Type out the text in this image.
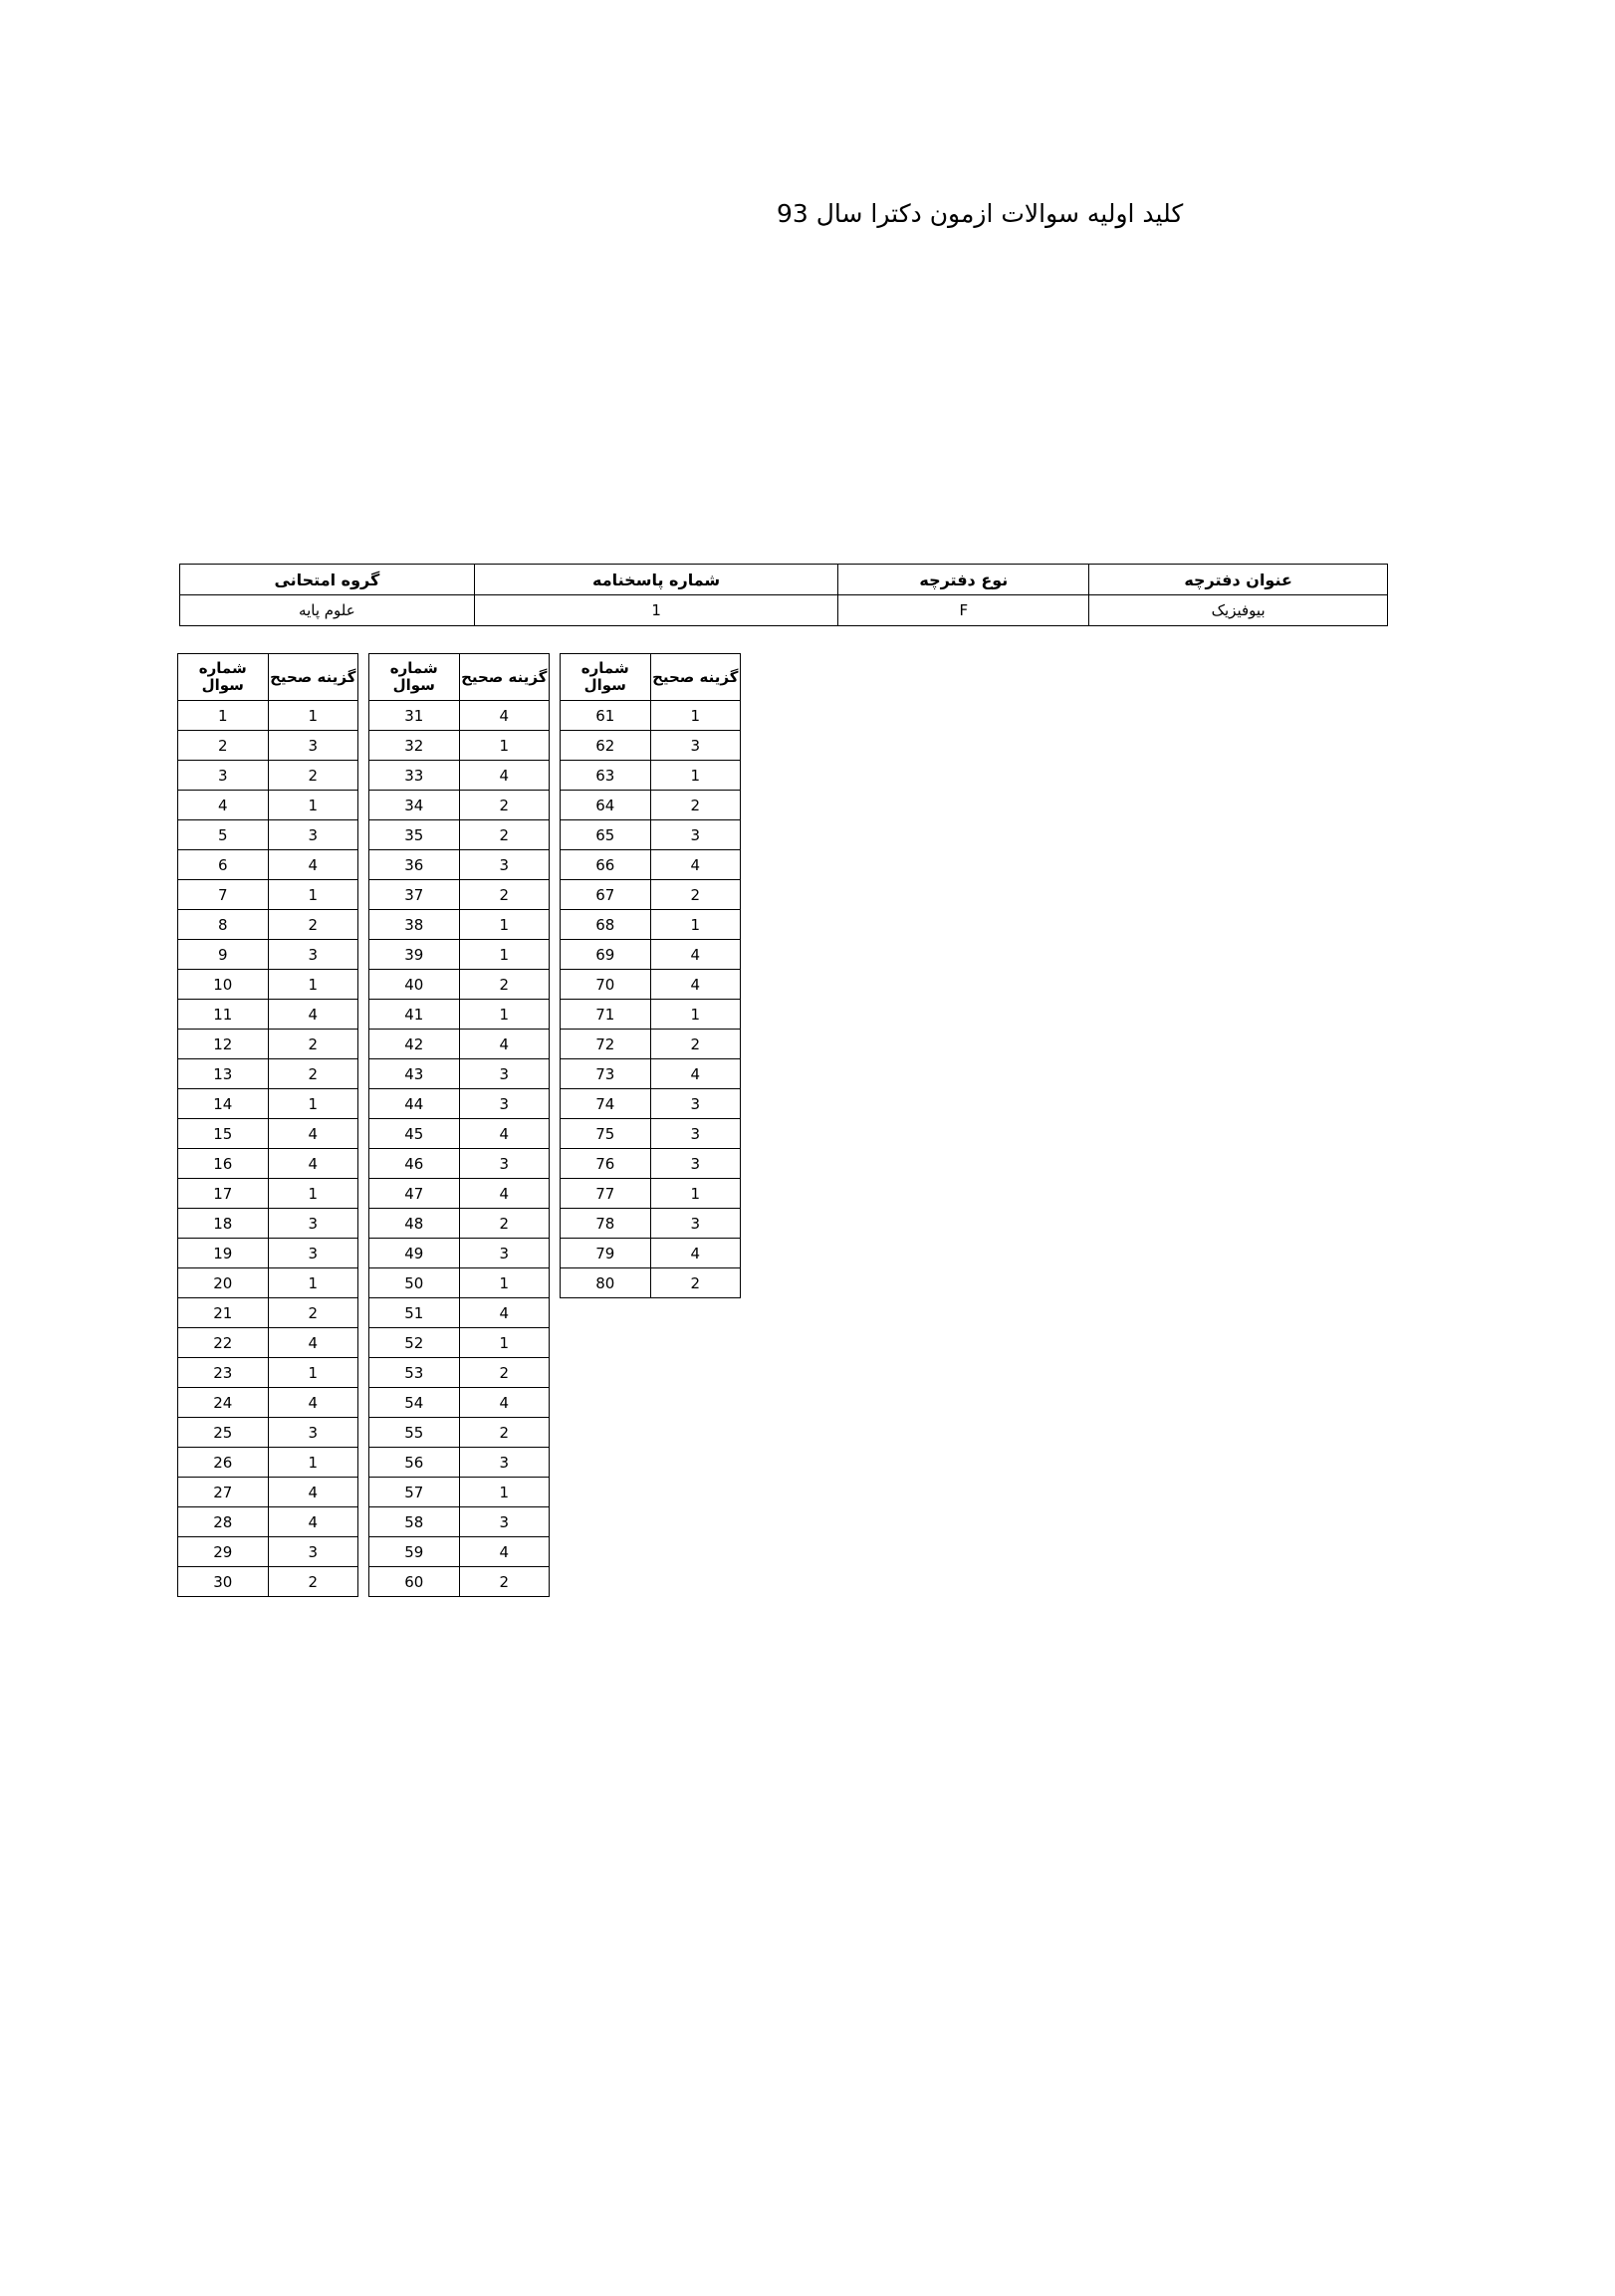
کلید اولیه سوالات ازمون دکترا سال 93
گروه امتحانی	شماره پاسخنامه	نوع دفترچه	عنوان دفترچه
علوم پایه	1	F	بیوفیزیک
شماره سوال	گزینه صحیح
1	1
2	3
3	2
4	1
5	3
6	4
7	1
8	2
9	3
10	1
11	4
12	2
13	2
14	1
15	4
16	4
17	1
18	3
19	3
20	1
21	2
22	4
23	1
24	4
25	3
26	1
27	4
28	4
29	3
30	2
شماره سوال	گزینه صحیح
31	4
32	1
33	4
34	2
35	2
36	3
37	2
38	1
39	1
40	2
41	1
42	4
43	3
44	3
45	4
46	3
47	4
48	2
49	3
50	1
51	4
52	1
53	2
54	4
55	2
56	3
57	1
58	3
59	4
60	2
شماره سوال	گزینه صحیح
61	1
62	3
63	1
64	2
65	3
66	4
67	2
68	1
69	4
70	4
71	1
72	2
73	4
74	3
75	3
76	3
77	1
78	3
79	4
80	2
